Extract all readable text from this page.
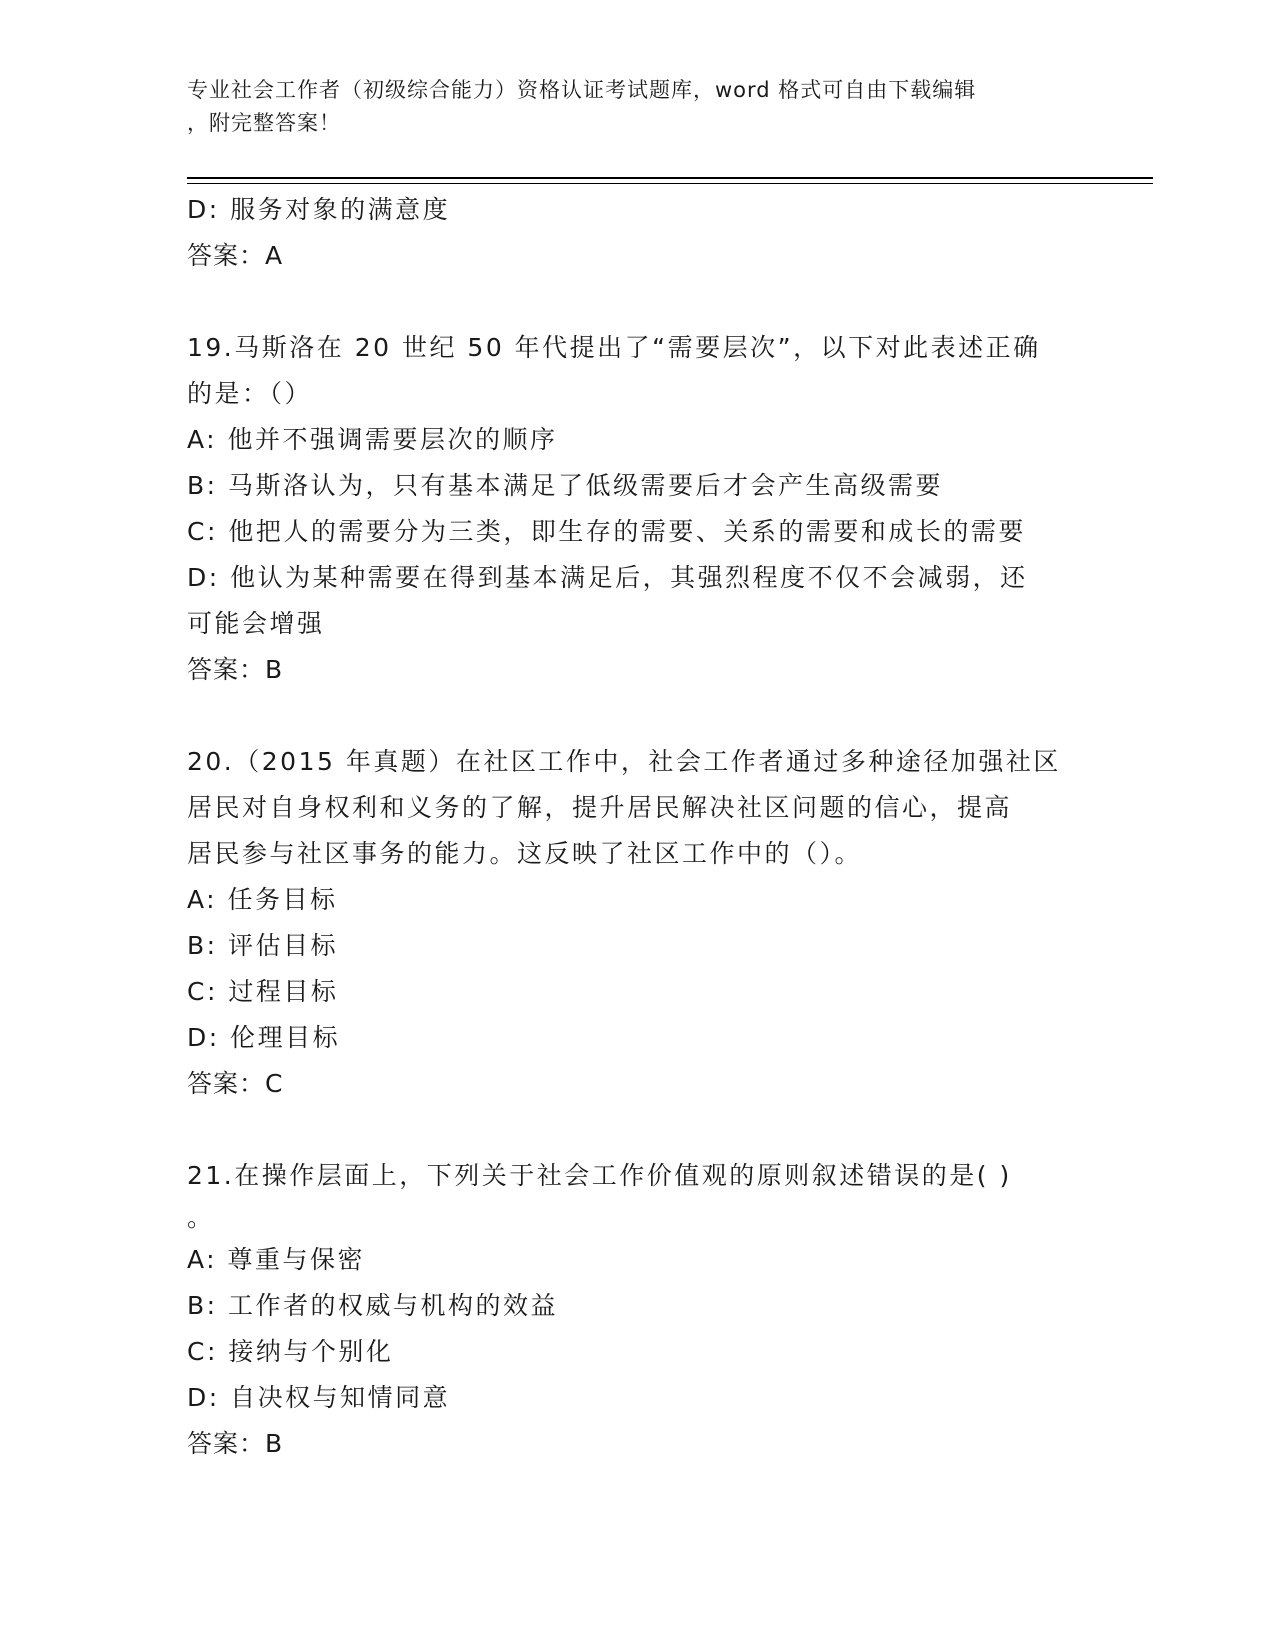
专业社会工作者（初级综合能力）资格认证考试题库，word 格式可自由下载编辑
，附完整答案！
D: 服务对象的满意度
答案：A
19.马斯洛在 20 世纪 50 年代提出了“需要层次”，以下对此表述正确
的是：（）
A: 他并不强调需要层次的顺序
B: 马斯洛认为，只有基本满足了低级需要后才会产生高级需要
C: 他把人的需要分为三类，即生存的需要、关系的需要和成长的需要
D: 他认为某种需要在得到基本满足后，其强烈程度不仅不会减弱，还
可能会增强
答案：B
20.（2015 年真题）在社区工作中，社会工作者通过多种途径加强社区
居民对自身权利和义务的了解，提升居民解决社区问题的信心，提高
居民参与社区事务的能力。这反映了社区工作中的（）。
A: 任务目标
B: 评估目标
C: 过程目标
D: 伦理目标
答案：C
21.在操作层面上，下列关于社会工作价值观的原则叙述错误的是( )
。
A: 尊重与保密
B: 工作者的权威与机构的效益
C: 接纳与个别化
D: 自决权与知情同意
答案：B
